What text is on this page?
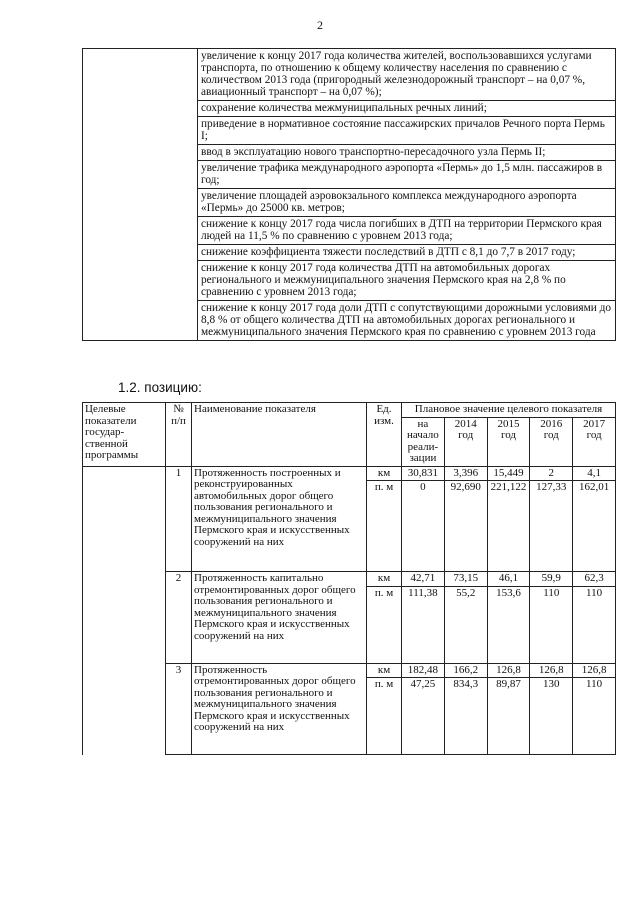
2

увеличение к концу 2017 года количества жителей, воспользовавшихся услугами транспорта, по отношению к общему количеству населения по сравнению с количеством 2013 года (пригородный железнодорожный транспорт – на 0,07 %, авиационный транспорт – на 0,07 %);
сохранение количества межмуниципальных речных линий;
приведение в нормативное состояние пассажирских причалов Речного порта Пермь I;
ввод в эксплуатацию нового транспортно-пересадочного узла Пермь II;
увеличение трафика международного аэропорта «Пермь» до 1,5 млн. пассажиров в год;
увеличение площадей аэровокзального комплекса международного аэропорта «Пермь» до 25000 кв. метров;
снижение к концу 2017 года числа погибших в ДТП на территории Пермского края людей на 11,5 % по сравнению с уровнем 2013 года;
снижение коэффициента тяжести последствий в ДТП с 8,1 до 7,7 в 2017 году;
снижение к концу 2017 года количества ДТП на автомобильных дорогах регионального и межмуниципального значения Пермского края на 2,8 % по сравнению с уровнем 2013 года;
снижение к концу 2017 года доли ДТП с сопутствующими дорожными условиями до 8,8 % от общего количества ДТП на автомобильных дорогах регионального и межмуниципального значения Пермского края по сравнению с уровнем 2013 года
1.2. позицию:
Целевые показатели государ-ственной программы	№ п/п	Наименование показателя	Ед. изм.	Плановое значение целевого показателя				
				на начало реали-зации	2014 год	2015 год	2016 год	2017 год
	1	Протяженность построенных и реконструированных автомобильных дорог общего пользования регионального и межмуниципального значения Пермского края и искусственных сооружений на них	км	30,831	3,396	15,449	2	4,1
			п. м	0	92,690	221,122	127,33	162,01
	2	Протяженность капитально отремонтированных дорог общего пользования регионального и межмуниципального значения Пермского края и искусственных сооружений на них	км	42,71	73,15	46,1	59,9	62,3
			п. м	111,38	55,2	153,6	110	110
	3	Протяженность отремонтированных дорог общего пользования регионального и межмуниципального значения Пермского края и искусственных сооружений на них	км	182,48	166,2	126,8	126,8	126,8
			п. м	47,25	834,3	89,87	130	110
